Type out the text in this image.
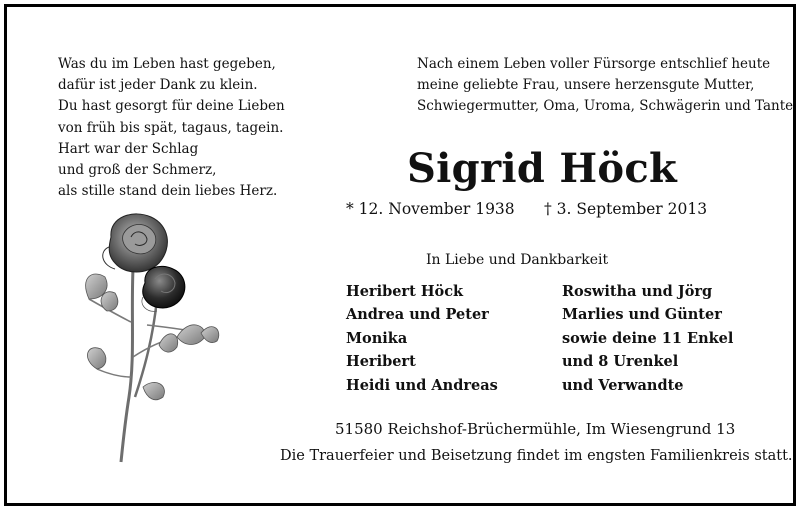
Was du im Leben hast gegeben,
dafür ist jeder Dank zu klein.
Du hast gesorgt für deine Lieben
von früh bis spät, tagaus, tagein.
Hart war der Schlag
und groß der Schmerz,
als stille stand dein liebes Herz.
Nach einem Leben voller Fürsorge entschlief heute
meine geliebte Frau, unsere herzensgute Mutter,
Schwiegermutter, Oma, Uroma, Schwägerin und Tante
Sigrid Höck
* 12. November 1938 † 3. September 2013
In Liebe und Dankbarkeit
Heribert Höck
Andrea und Peter
Monika
Heribert
Heidi und Andreas
Roswitha und Jörg
Marlies und Günter
sowie deine 11 Enkel
und 8 Urenkel
und Verwandte
51580 Reichshof-Brüchermühle, Im Wiesengrund 13
Die Trauerfeier und Beisetzung findet im engsten Familienkreis statt.
